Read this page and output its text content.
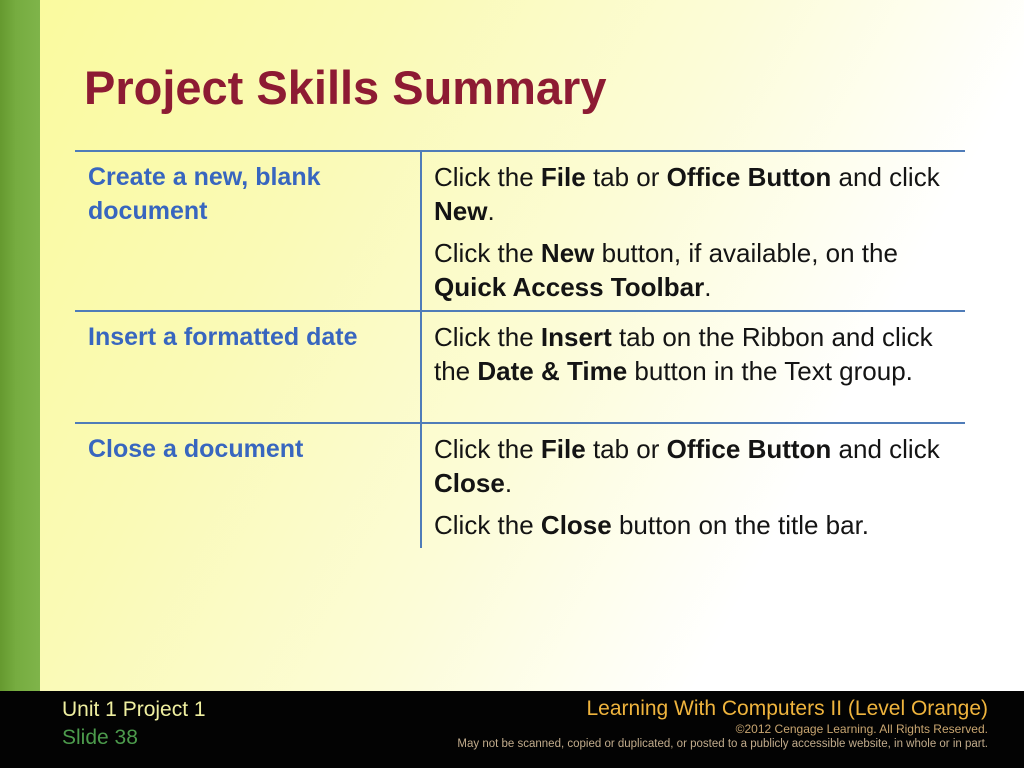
Project Skills Summary
Create a new, blank document

Click the File tab or Office Button and click New.

Click the New button, if available, on the Quick Access Toolbar.

Insert a formatted date	Click the Insert tab on the Ribbon and click the Date & Time button in the Text group.

Close a document	Click the File tab or Office Button and click Close.

Click the Close button on the title bar.

Unit 1 Project 1
Slide 38
Learning With Computers II (Level Orange)
©2012 Cengage Learning. All Rights Reserved.
May not be scanned, copied or duplicated, or posted to a publicly accessible website, in whole or in part.
